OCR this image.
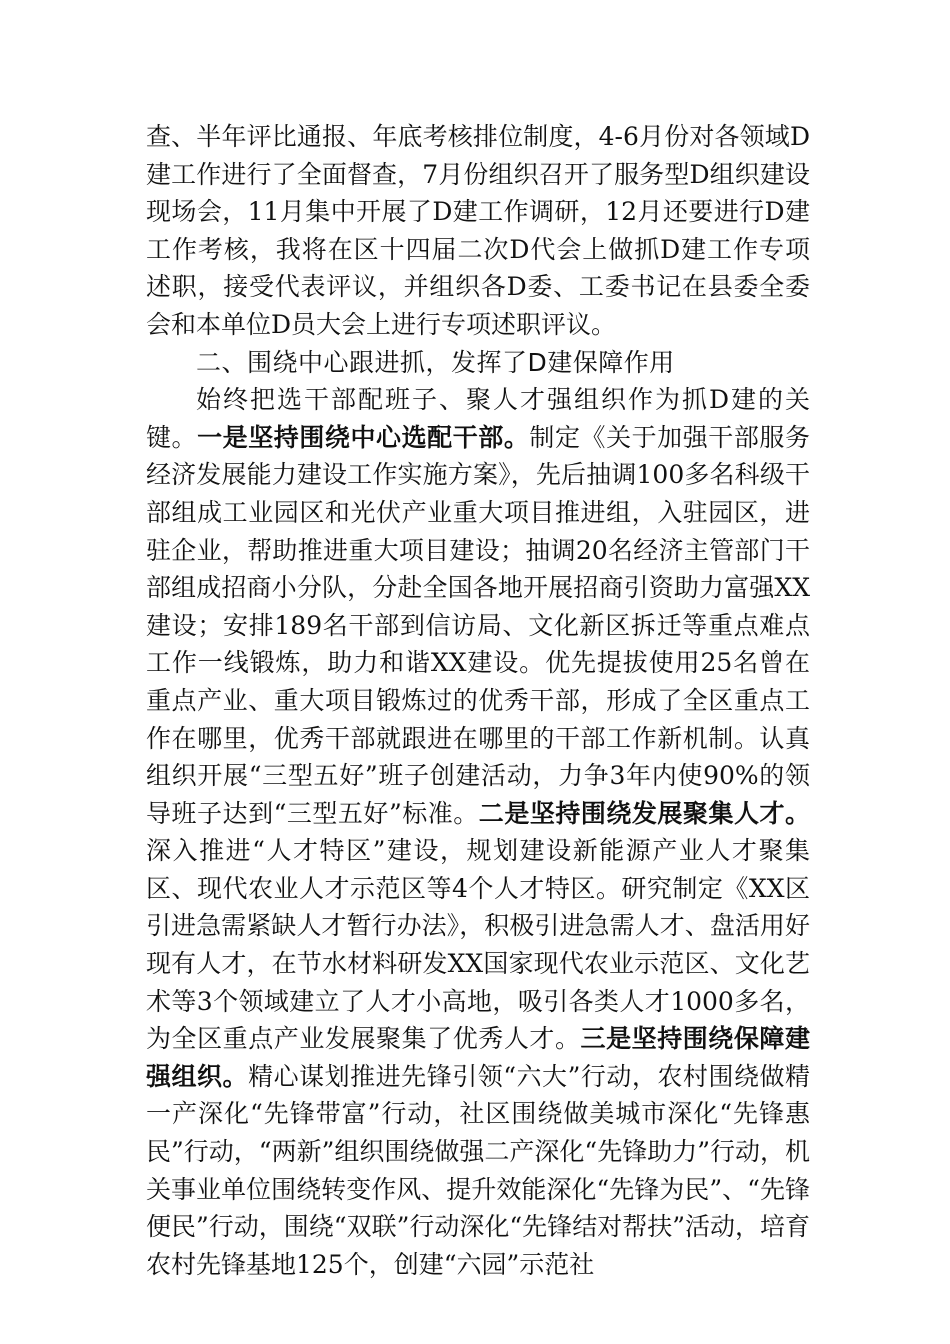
查、半年评比通报、年底考核排位制度，4-6月份对各领域D建工作进行了全面督查，7月份组织召开了服务型D组织建设现场会，11月集中开展了D建工作调研，12月还要进行D建工作考核，我将在区十四届二次D代会上做抓D建工作专项述职，接受代表评议，并组织各D委、工委书记在县委全委会和本单位D员大会上进行专项述职评议。

二、围绕中心跟进抓，发挥了D建保障作用

始终把选干部配班子、聚人才强组织作为抓D建的关键。一是坚持围绕中心选配干部。制定《关于加强干部服务经济发展能力建设工作实施方案》，先后抽调100多名科级干部组成工业园区和光伏产业重大项目推进组，入驻园区，进驻企业，帮助推进重大项目建设；抽调20名经济主管部门干部组成招商小分队，分赴全国各地开展招商引资助力富强XX建设；安排189名干部到信访局、文化新区拆迁等重点难点工作一线锻炼，助力和谐XX建设。优先提拔使用25名曾在重点产业、重大项目锻炼过的优秀干部，形成了全区重点工作在哪里，优秀干部就跟进在哪里的干部工作新机制。认真组织开展“三型五好”班子创建活动，力争3年内使90%的领导班子达到“三型五好”标准。二是坚持围绕发展聚集人才。深入推进“人才特区”建设，规划建设新能源产业人才聚集区、现代农业人才示范区等4个人才特区。研究制定《XX区引进急需紧缺人才暂行办法》，积极引进急需人才、盘活用好现有人才，在节水材料研发XX国家现代农业示范区、文化艺术等3个领域建立了人才小高地，吸引各类人才1000多名，为全区重点产业发展聚集了优秀人才。三是坚持围绕保障建强组织。精心谋划推进先锋引领“六大”行动，农村围绕做精一产深化“先锋带富”行动，社区围绕做美城市深化“先锋惠民”行动，“两新”组织围绕做强二产深化“先锋助力”行动，机关事业单位围绕转变作风、提升效能深化“先锋为民”、“先锋便民”行动，围绕“双联”行动深化“先锋结对帮扶”活动，培育农村先锋基地125个，创建“六园”示范社
